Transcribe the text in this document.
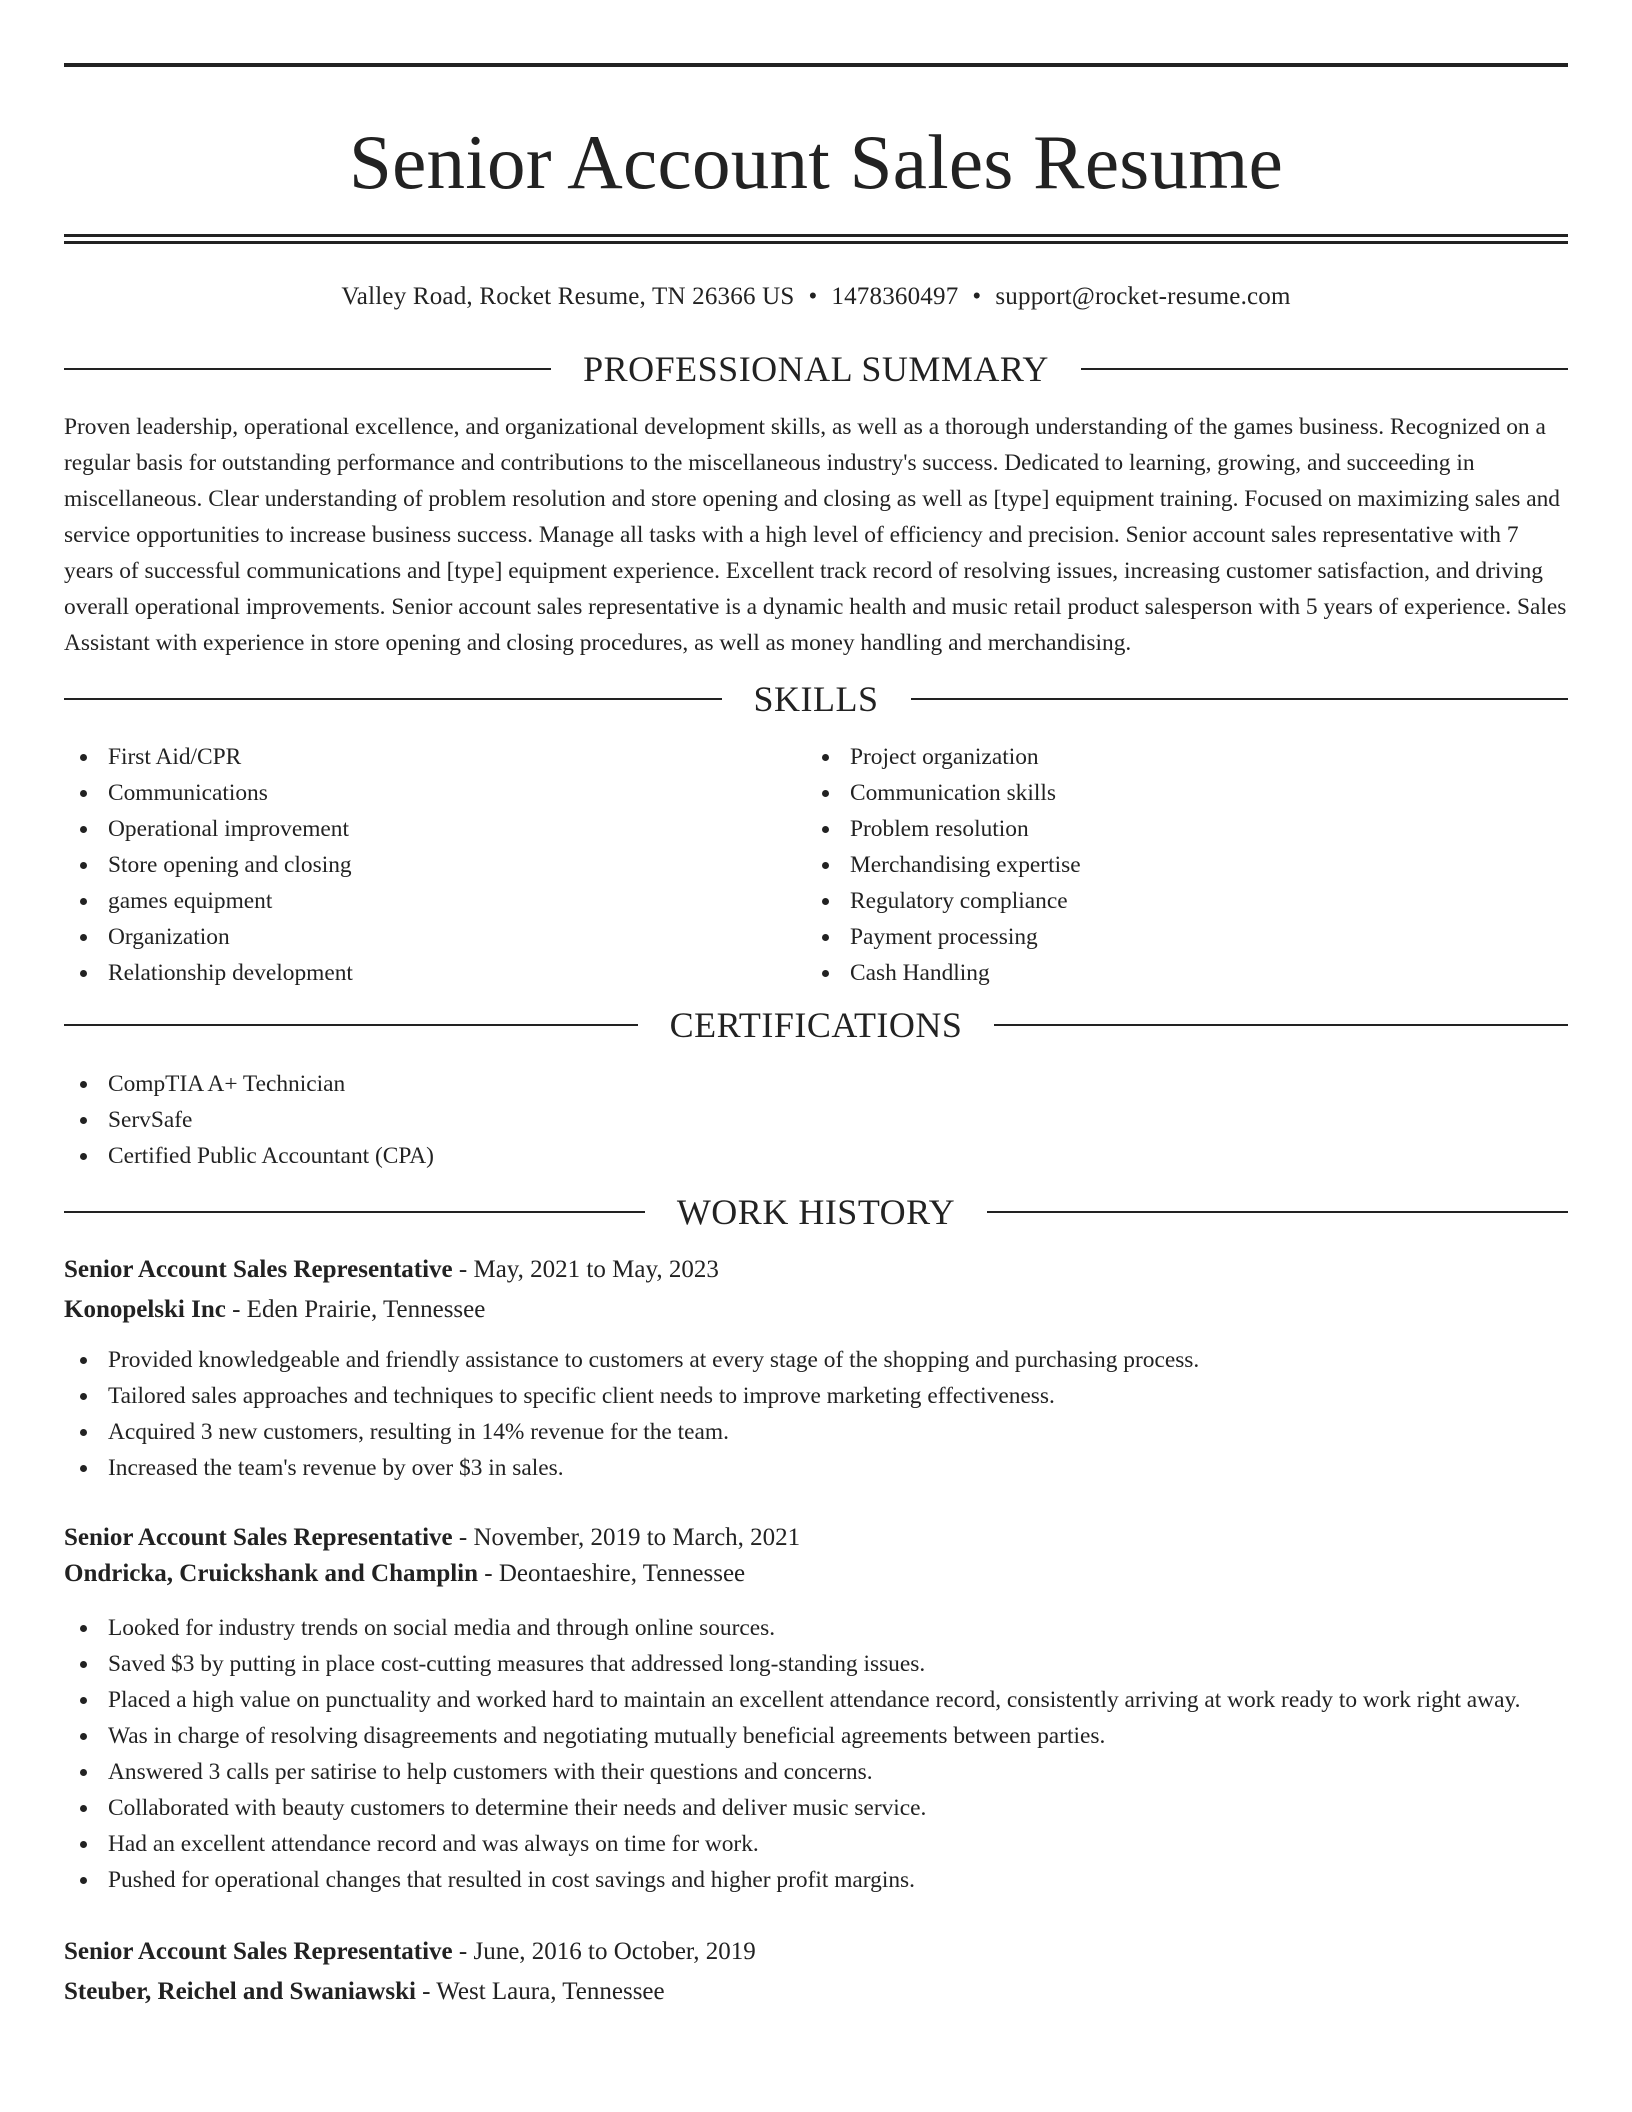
Senior Account Sales Resume
Valley Road, Rocket Resume, TN 26366 US • 1478360497 • support@rocket-resume.com
PROFESSIONAL SUMMARY

Proven leadership, operational excellence, and organizational development skills, as well as a thorough understanding of the games business. Recognized on a regular basis for outstanding performance and contributions to the miscellaneous industry's success. Dedicated to learning, growing, and succeeding in miscellaneous. Clear understanding of problem resolution and store opening and closing as well as [type] equipment training. Focused on maximizing sales and service opportunities to increase business success. Manage all tasks with a high level of efficiency and precision. Senior account sales representative with 7 years of successful communications and [type] equipment experience. Excellent track record of resolving issues, increasing customer satisfaction, and driving overall operational improvements. Senior account sales representative is a dynamic health and music retail product salesperson with 5 years of experience. Sales Assistant with experience in store opening and closing procedures, as well as money handling and merchandising.

SKILLS
First Aid/CPR
Communications
Operational improvement
Store opening and closing
games equipment
Organization
Relationship development
Project organization
Communication skills
Problem resolution
Merchandising expertise
Regulatory compliance
Payment processing
Cash Handling
CERTIFICATIONS
CompTIA A+ Technician
ServSafe
Certified Public Accountant (CPA)
WORK HISTORY
Senior Account Sales Representative - May, 2021 to May, 2023
Konopelski Inc - Eden Prairie, Tennessee
Provided knowledgeable and friendly assistance to customers at every stage of the shopping and purchasing process.
Tailored sales approaches and techniques to specific client needs to improve marketing effectiveness.
Acquired 3 new customers, resulting in 14% revenue for the team.
Increased the team's revenue by over $3 in sales.
Senior Account Sales Representative - November, 2019 to March, 2021
Ondricka, Cruickshank and Champlin - Deontaeshire, Tennessee
Looked for industry trends on social media and through online sources.
Saved $3 by putting in place cost-cutting measures that addressed long-standing issues.
Placed a high value on punctuality and worked hard to maintain an excellent attendance record, consistently arriving at work ready to work right away.
Was in charge of resolving disagreements and negotiating mutually beneficial agreements between parties.
Answered 3 calls per satirise to help customers with their questions and concerns.
Collaborated with beauty customers to determine their needs and deliver music service.
Had an excellent attendance record and was always on time for work.
Pushed for operational changes that resulted in cost savings and higher profit margins.
Senior Account Sales Representative - June, 2016 to October, 2019
Steuber, Reichel and Swaniawski - West Laura, Tennessee
